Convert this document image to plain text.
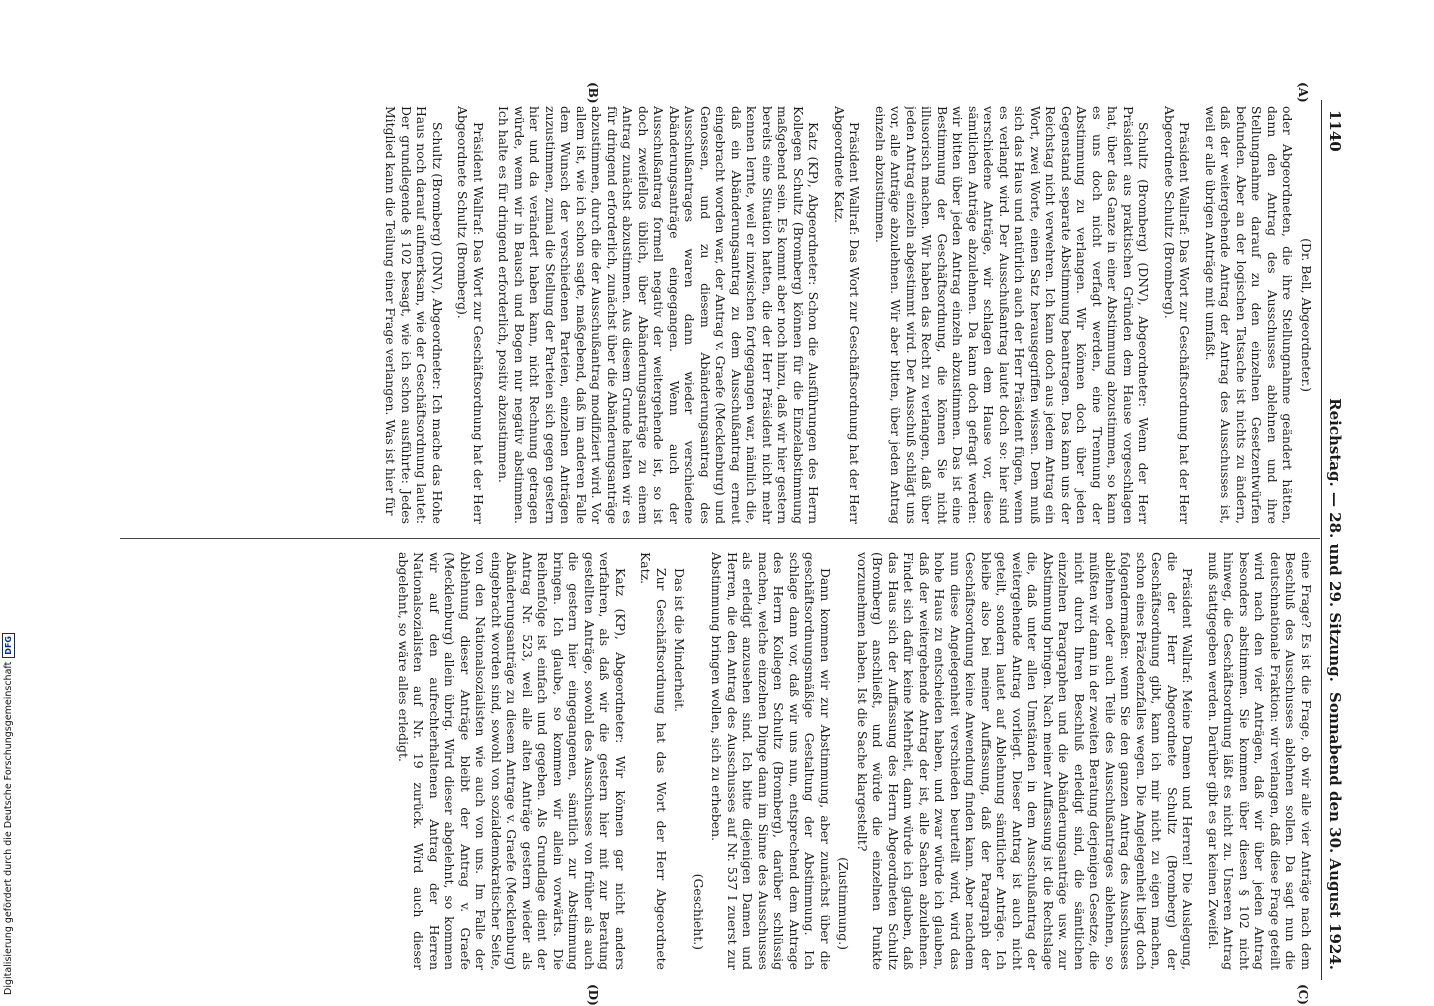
1140
Reichstag. — 28. und 29. Sitzung.
Sonnabend den 30. August 1924.
(A)
(B)
(C)
(D)

(Dr. Bell, Abgeordneter.)

oder Abgeordneten, die ihre Stellungnahme geändert hätten, dann den Antrag des Ausschusses ablehnen und ihre Stellungnahme darauf zu den einzelnen Gesetzentwürfen befunden. Aber an der logischen Tatsache ist nichts zu ändern, daß der weitergehende Antrag der Antrag des Ausschusses ist, weil er alle übrigen Anträge mit umfaßt.

Präsident Wallraf: Das Wort zur Geschäftsordnung hat der Herr Abgeordnete Schultz (Bromberg).

Schultz (Bromberg) (DNV), Abgeordneter: Wenn der Herr Präsident aus praktischen Gründen dem Hause vorgeschlagen hat, über das Ganze in einer Abstimmung abzustimmen, so kann es uns doch nicht verfagt werden, eine Trennung der Abstimmung zu verlangen. Wir können doch über jeden Gegenstand separate Abstimmung beantragen. Das kann uns der Reichstag nicht verwehren. Ich kann doch aus jedem Antrag ein Wort, zwei Worte, einen Satz herausgegriffen wissen. Dem muß sich das Haus und natürlich auch der Herr Präsident fügen, wenn es verlangt wird. Der Ausschußantrag lautet doch so: hier sind verschiedene Anträge, wir schlagen dem Hause vor, diese sämtlichen Anträge abzulehnen. Da kann doch gefragt werden: wir bitten über jeden Antrag einzeln abzustimmen. Das ist eine Bestimmung der Geschäftsordnung, die können Sie nicht illusorisch machen. Wir haben das Recht zu verlangen, daß über jeden Antrag einzeln abgestimmt wird. Der Ausschuß schlägt uns vor, alle Anträge abzulehnen. Wir aber bitten, über jeden Antrag einzeln abzustimmen.

Präsident Wallraf: Das Wort zur Geschäftsordnung hat der Herr Abgeordnete Katz.

Katz (KP), Abgeordneter: Schon die Ausführungen des Herrn Kollegen Schultz (Bromberg) können für die Einzelabstimmung maßgebend sein. Es kommt aber noch hinzu, daß wir hier gestern bereits eine Situation hatten, die der Herr Präsident nicht mehr kennen lernte, weil er inzwischen fortgegangen war, nämlich die, daß ein Abänderungsantrag zu dem Ausschußantrag erneut eingebracht worden war, der Antrag v. Graefe (Mecklenburg) und Genossen, und zu diesem Abänderungsantrag des Ausschußantrages waren dann wieder verschiedene Abänderungsanträge eingegangen. Wenn auch der Ausschußantrag formell negativ der weitergehende ist, so ist doch zweifellos üblich, über Abänderungsanträge zu einem Antrag zunächst abzustimmen. Aus diesem Grunde halten wir es für dringend erforderlich, zunächst über die Abänderungsanträge abzustimmen, durch die der Ausschußantrag modifiziert wird. Vor allem ist, wie ich schon sagte, maßgebend, daß im anderen Falle dem Wunsch der verschiedenen Parteien, einzelnen Anträgen zuzustimmen, zumal die Stellung der Parteien sich gegen gestern hier und da verändert haben kann, nicht Rechnung getragen würde, wenn wir in Bausch und Bogen nur negativ abstimmen. Ich halte es für dringend erforderlich, positiv abzustimmen.

Präsident Wallraf: Das Wort zur Geschäftsordnung hat der Herr Abgeordnete Schultz (Bromberg).

Schultz (Bromberg) (DNV), Abgeordneter: Ich mache das Hohe Haus noch darauf aufmerksam, wie der Geschäftsordnung lautet: Der grundlegende § 102 besagt, wie ich schon ausführte: Jedes Mitglied kann die Teilung einer Frage verlangen. Was ist hier für

eine Frage? Es ist die Frage, ob wir alle vier Anträge nach dem Beschluß des Ausschusses ablehnen sollen. Da sagt nun die deutschnationale Fraktion: wir verlangen, daß diese Frage geteilt wird nach den vier Anträgen, daß wir über jeden Antrag besonders abstimmen. Sie kommen über diesen § 102 nicht hinweg, die Geschäftsordnung läßt es nicht zu. Unseren Antrag muß stattgegeben werden. Darüber gibt es gar keinen Zweifel.

Präsident Wallraf: Meine Damen und Herren! Die Auslegung, die der Herr Abgeordnete Schultz (Bromberg) der Geschäftsordnung gibt, kann ich mir nicht zu eigen machen, schon eines Präzedenzfalles wegen. Die Angelegenheit liegt doch folgendermaßen: wenn Sie den ganzen Antrag des Ausschusses ablehnen oder auch Teile des Ausschußantrages ablehnen, so müßten wir dann in der zweiten Beratung derjenigen Gesetze, die nicht durch Ihren Beschluß erledigt sind, die sämtlichen einzelnen Paragraphen und die Abänderungsanträge usw. zur Abstimmung bringen. Nach meiner Auffassung ist die Rechtslage die, daß unter allen Umständen in dem Ausschußantrag der weitergehende Antrag vorliegt. Dieser Antrag ist auch nicht geteilt, sondern lautet auf Ablehnung sämtlicher Anträge. Ich bleibe also bei meiner Auffassung, daß der Paragraph der Geschäftsordnung keine Anwendung finden kann. Aber nachdem nun diese Angelegenheit verschieden beurteilt wird, wird das hohe Haus zu entscheiden haben, und zwar würde ich glauben, daß der weitergehende Antrag der ist, alle Sachen abzulehnen. Findet sich dafür keine Mehrheit, dann würde ich glauben, daß das Haus sich der Auffassung des Herrn Abgeordneten Schultz (Bromberg) anschließt, und würde die einzelnen Punkte vorzunehmen haben. Ist die Sache klargestellt?

(Zustimmung.)

Dann kommen wir zur Abstimmung, aber zunächst über die geschäftsordnungsmäßige Gestaltung der Abstimmung. Ich schlage dann vor, daß wir uns nun, entsprechend dem Antrage des Herrn Kollegen Schultz (Bromberg), darüber schlüssig machen, welche einzelnen Dinge dann im Sinne des Ausschusses als erledigt anzusehen sind. Ich bitte diejenigen Damen und Herren, die den Antrag des Ausschusses auf Nr. 537 I zuerst zur Abstimmung bringen wollen, sich zu erheben.

(Geschieht.)

Das ist die Minderheit.

Zur Geschäftsordnung hat das Wort der Herr Abgeordnete Katz.

Katz (KP), Abgeordneter: Wir können gar nicht anders verfahren, als daß wir die gestern hier mit zur Beratung gestellten Anträge, sowohl des Ausschusses von früher als auch die gestern hier eingegangenen, sämtlich zur Abstimmung bringen. Ich glaube, so kommen wir allein vorwärts. Die Reihenfolge ist einfach und gegeben. Als Grundlage dient der Antrag Nr. 523, weil alle alten Anträge gestern wieder als Abänderungsanträge zu diesem Antrage v. Graefe (Mecklenburg) eingebracht worden sind, sowohl von sozialdemokratischer Seite, von den Nationalsozialisten wie auch von uns. Im Falle der Ablehnung dieser Anträge bleibt der Antrag v. Graefe (Mecklenburg) allein übrig. Wird dieser abgelehnt, so kommen wir auf den aufrechterhaltenen Antrag der Herren Nationalsozialisten auf Nr. 19 zurück. Wird auch dieser abgelehnt, so wäre alles erledigt.

Digitalisierung gefördert durch die Deutsche Forschungsgemeinschaft
DFG
